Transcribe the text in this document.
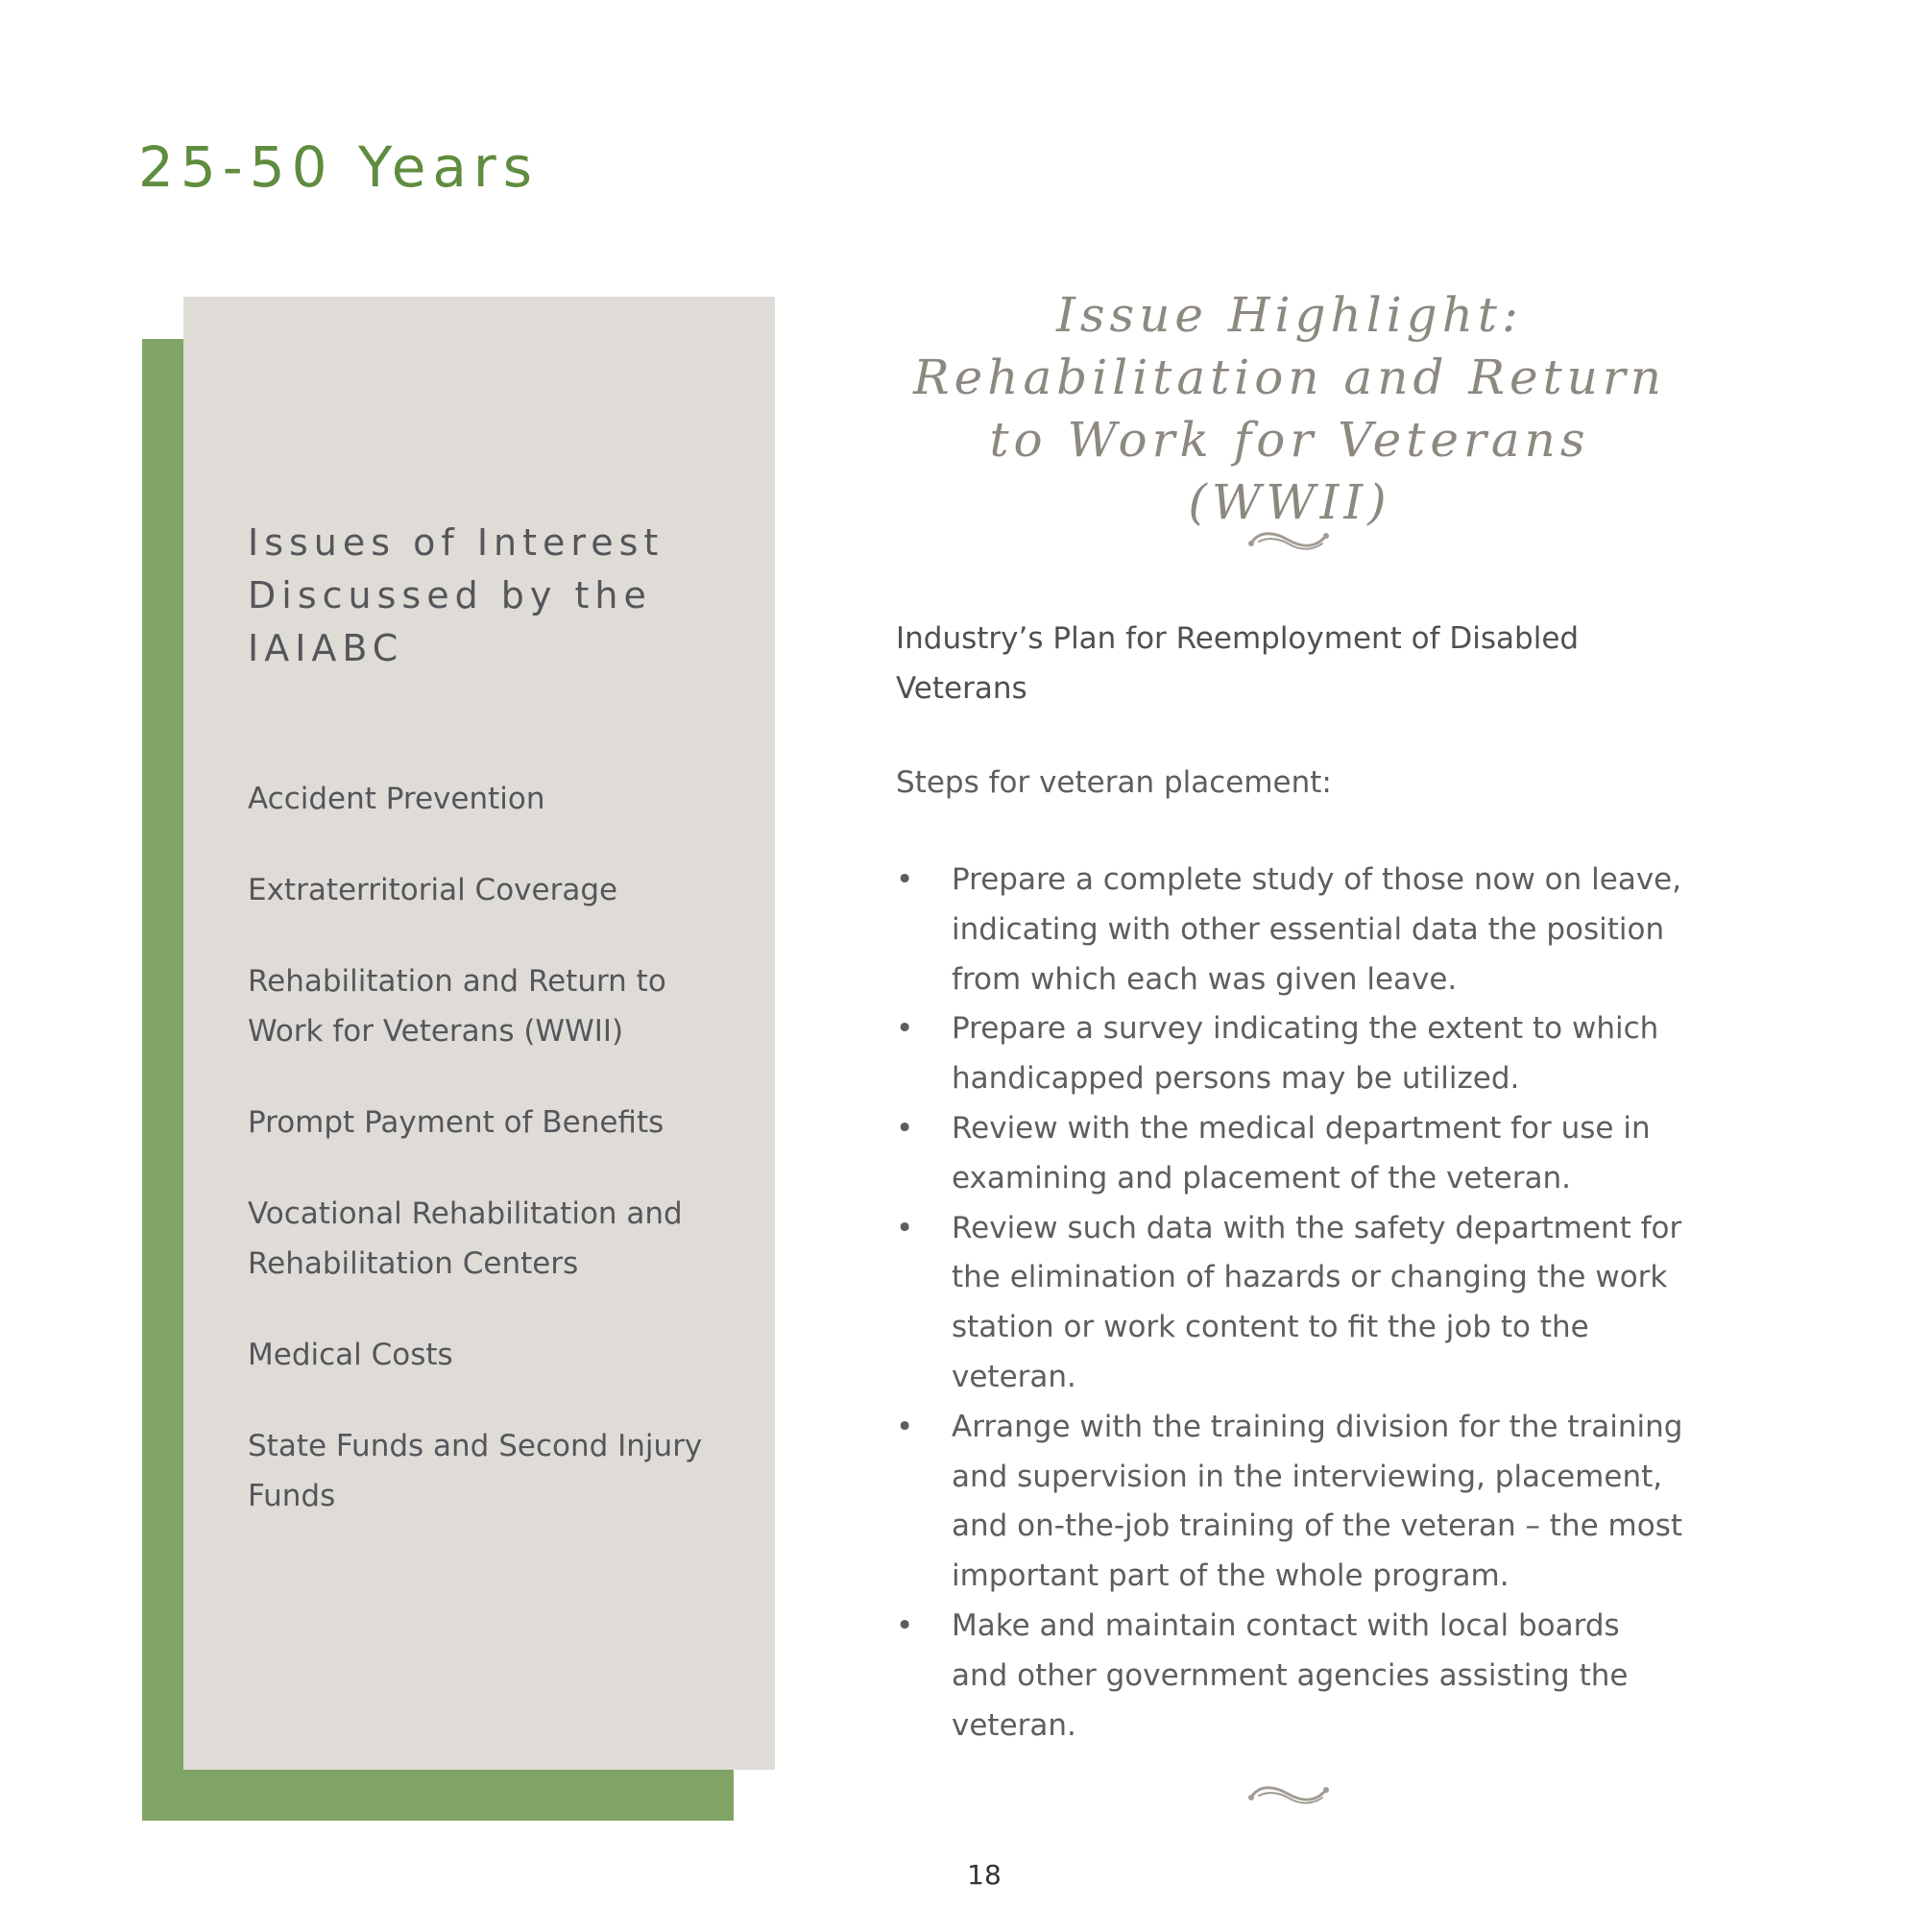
25-50 Years
Issues of Interest Discussed by the IAIABC
Accident Prevention
Extraterritorial Coverage
Rehabilitation and Return to Work for Veterans (WWII)
Prompt Payment of Benefits
Vocational Rehabilitation and Rehabilitation Centers
Medical Costs
State Funds and Second Injury Funds
Issue Highlight: Rehabilitation and Return to Work for Veterans (WWII)

Industry’s Plan for Reemployment of Disabled Veterans

Steps for veteran placement:

•	Prepare a complete study of those now on leave, indicating with other essential data the position from which each was given leave.
•	Prepare a survey indicating the extent to which handicapped persons may be utilized.
•	Review with the medical department for use in examining and placement of the veteran.
•	Review such data with the safety department for the elimination of hazards or changing the work station or work content to fit the job to the veteran.
•	Arrange with the training division for the training and supervision in the interviewing, placement, and on-the-job training of the veteran – the most important part of the whole program.
•	Make and maintain contact with local boards and other government agencies assisting the veteran.
18
